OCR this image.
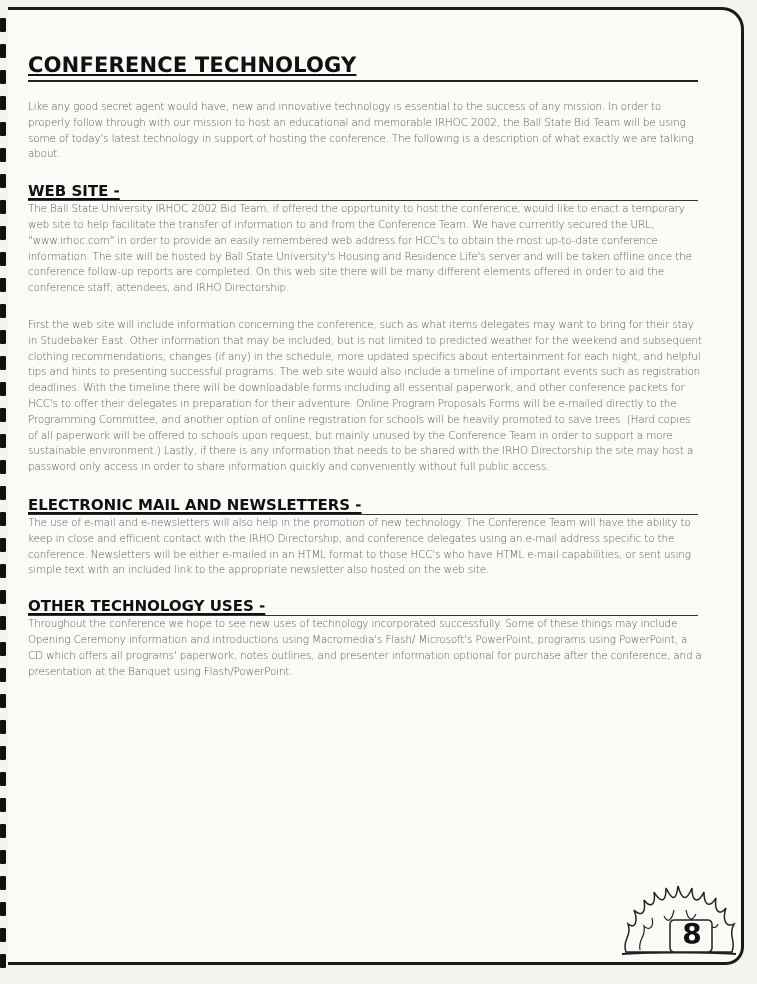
CONFERENCE TECHNOLOGY

Like any good secret agent would have, new and innovative technology is essential to the success of any mission. In order to properly follow through with our mission to host an educational and memorable IRHOC 2002, the Ball State Bid Team will be using some of today's latest technology in support of hosting the conference. The following is a description of what exactly we are talking about.

WEB SITE -

The Ball State University IRHOC 2002 Bid Team, if offered the opportunity to host the conference, would like to enact a temporary web site to help facilitate the transfer of information to and from the Conference Team. We have currently secured the URL, "www.irhoc.com" in order to provide an easily remembered web address for HCC's to obtain the most up-to-date conference information. The site will be hosted by Ball State University's Housing and Residence Life's server and will be taken offline once the conference follow-up reports are completed. On this web site there will be many different elements offered in order to aid the conference staff, attendees, and IRHO Directorship.

First the web site will include information concerning the conference, such as what items delegates may want to bring for their stay in Studebaker East. Other information that may be included, but is not limited to predicted weather for the weekend and subsequent clothing recommendations, changes (if any) in the schedule, more updated specifics about entertainment for each night, and helpful tips and hints to presenting successful programs. The web site would also include a timeline of important events such as registration deadlines. With the timeline there will be downloadable forms including all essential paperwork, and other conference packets for HCC's to offer their delegates in preparation for their adventure. Online Program Proposals Forms will be e-mailed directly to the Programming Committee, and another option of online registration for schools will be heavily promoted to save trees. (Hard copies of all paperwork will be offered to schools upon request, but mainly unused by the Conference Team in order to support a more sustainable environment.) Lastly, if there is any information that needs to be shared with the IRHO Directorship the site may host a password only access in order to share information quickly and conveniently without full public access.

ELECTRONIC MAIL AND NEWSLETTERS -

The use of e-mail and e-newsletters will also help in the promotion of new technology. The Conference Team will have the ability to keep in close and efficient contact with the IRHO Directorship, and conference delegates using an e-mail address specific to the conference. Newsletters will be either e-mailed in an HTML format to those HCC's who have HTML e-mail capabilities, or sent using simple text with an included link to the appropriate newsletter also hosted on the web site.

OTHER TECHNOLOGY USES -

Throughout the conference we hope to see new uses of technology incorporated successfully. Some of these things may include Opening Ceremony information and introductions using Macromedia's Flash/ Microsoft's PowerPoint, programs using PowerPoint, a CD which offers all programs' paperwork, notes outlines, and presenter information optional for purchase after the conference, and a presentation at the Banquet using Flash/PowerPoint.

8
